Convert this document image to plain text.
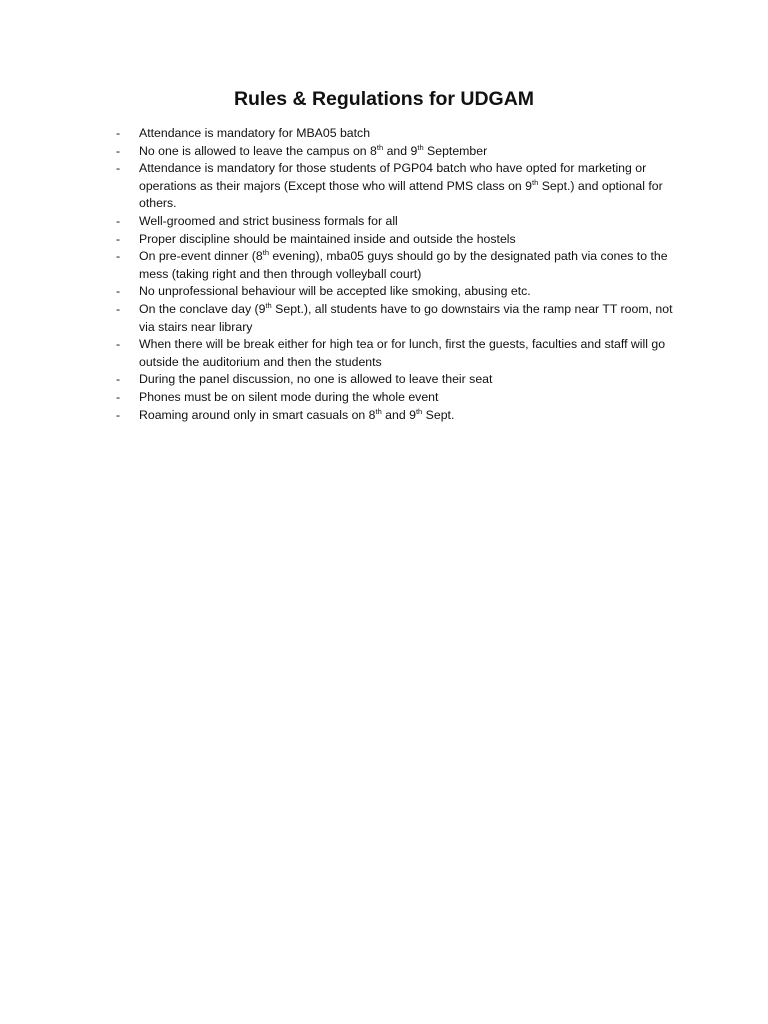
Rules & Regulations for UDGAM
- Attendance is mandatory for MBA05 batch
- No one is allowed to leave the campus on 8th and 9th September
- Attendance is mandatory for those students of PGP04 batch who have opted for marketing or operations as their majors (Except those who will attend PMS class on 9th Sept.) and optional for others.
- Well-groomed and strict business formals for all
- Proper discipline should be maintained inside and outside the hostels
- On pre-event dinner (8th evening), mba05 guys should go by the designated path via cones to the mess (taking right and then through volleyball court)
- No unprofessional behaviour will be accepted like smoking, abusing etc.
- On the conclave day (9th Sept.), all students have to go downstairs via the ramp near TT room, not via stairs near library
- When there will be break either for high tea or for lunch, first the guests, faculties and staff will go outside the auditorium and then the students
- During the panel discussion, no one is allowed to leave their seat
- Phones must be on silent mode during the whole event
- Roaming around only in smart casuals on 8th and 9th Sept.
